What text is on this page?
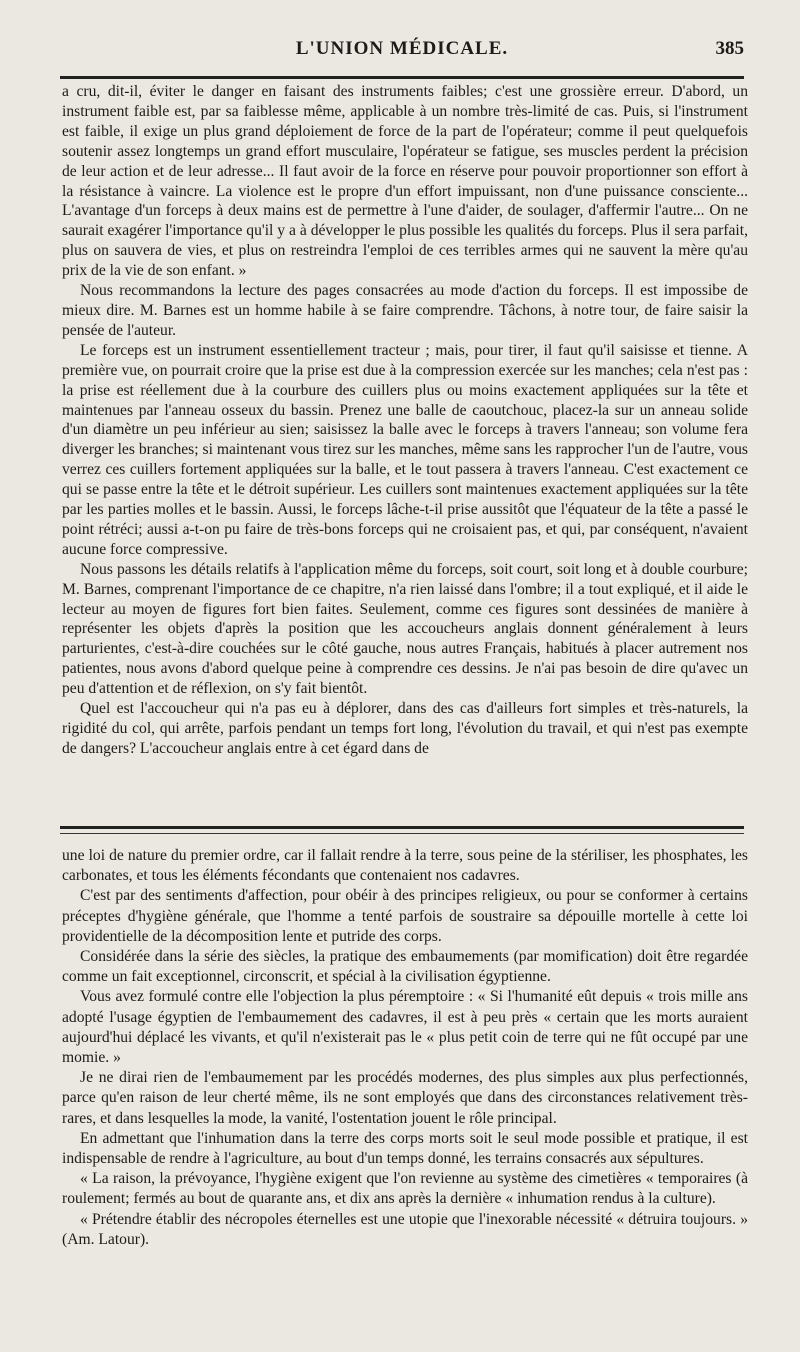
L'UNION MÉDICALE.	385

a cru, dit-il, éviter le danger en faisant des instruments faibles; c'est une grossière erreur. D'abord, un instrument faible est, par sa faiblesse même, applicable à un nombre très-limité de cas. Puis, si l'instrument est faible, il exige un plus grand déploiement de force de la part de l'opérateur; comme il peut quelquefois soutenir assez longtemps un grand effort musculaire, l'opérateur se fatigue, ses muscles perdent la précision de leur action et de leur adresse... Il faut avoir de la force en réserve pour pouvoir proportionner son effort à la résistance à vaincre. La violence est le propre d'un effort impuissant, non d'une puissance consciente... L'avantage d'un forceps à deux mains est de permettre à l'une d'aider, de soulager, d'affermir l'autre... On ne saurait exagérer l'importance qu'il y a à développer le plus possible les qualités du forceps. Plus il sera parfait, plus on sauvera de vies, et plus on restreindra l'emploi de ces terribles armes qui ne sauvent la mère qu'au prix de la vie de son enfant. »

Nous recommandons la lecture des pages consacrées au mode d'action du forceps. Il est impossibe de mieux dire. M. Barnes est un homme habile à se faire comprendre. Tâchons, à notre tour, de faire saisir la pensée de l'auteur.

Le forceps est un instrument essentiellement tracteur ; mais, pour tirer, il faut qu'il saisisse et tienne. A première vue, on pourrait croire que la prise est due à la compression exercée sur les manches; cela n'est pas : la prise est réellement due à la courbure des cuillers plus ou moins exactement appliquées sur la tête et maintenues par l'anneau osseux du bassin. Prenez une balle de caoutchouc, placez-la sur un anneau solide d'un diamètre un peu inférieur au sien; saisissez la balle avec le forceps à travers l'anneau; son volume fera diverger les branches; si maintenant vous tirez sur les manches, même sans les rapprocher l'un de l'autre, vous verrez ces cuillers fortement appliquées sur la balle, et le tout passera à travers l'anneau. C'est exactement ce qui se passe entre la tête et le détroit supérieur. Les cuillers sont maintenues exactement appliquées sur la tête par les parties molles et le bassin. Aussi, le forceps lâche-t-il prise aussitôt que l'équateur de la tête a passé le point rétréci; aussi a-t-on pu faire de très-bons forceps qui ne croisaient pas, et qui, par conséquent, n'avaient aucune force compressive.

Nous passons les détails relatifs à l'application même du forceps, soit court, soit long et à double courbure; M. Barnes, comprenant l'importance de ce chapitre, n'a rien laissé dans l'ombre; il a tout expliqué, et il aide le lecteur au moyen de figures fort bien faites. Seulement, comme ces figures sont dessinées de manière à représenter les objets d'après la position que les accoucheurs anglais donnent généralement à leurs parturientes, c'est-à-dire couchées sur le côté gauche, nous autres Français, habitués à placer autrement nos patientes, nous avons d'abord quelque peine à comprendre ces dessins. Je n'ai pas besoin de dire qu'avec un peu d'attention et de réflexion, on s'y fait bientôt.

Quel est l'accoucheur qui n'a pas eu à déplorer, dans des cas d'ailleurs fort simples et très-naturels, la rigidité du col, qui arrête, parfois pendant un temps fort long, l'évolution du travail, et qui n'est pas exempte de dangers? L'accoucheur anglais entre à cet égard dans de

une loi de nature du premier ordre, car il fallait rendre à la terre, sous peine de la stériliser, les phosphates, les carbonates, et tous les éléments fécondants que contenaient nos cadavres.

C'est par des sentiments d'affection, pour obéir à des principes religieux, ou pour se conformer à certains préceptes d'hygiène générale, que l'homme a tenté parfois de soustraire sa dépouille mortelle à cette loi providentielle de la décomposition lente et putride des corps.

Considérée dans la série des siècles, la pratique des embaumements (par momification) doit être regardée comme un fait exceptionnel, circonscrit, et spécial à la civilisation égyptienne.

Vous avez formulé contre elle l'objection la plus péremptoire : « Si l'humanité eût depuis « trois mille ans adopté l'usage égyptien de l'embaumement des cadavres, il est à peu près « certain que les morts auraient aujourd'hui déplacé les vivants, et qu'il n'existerait pas le « plus petit coin de terre qui ne fût occupé par une momie. »

Je ne dirai rien de l'embaumement par les procédés modernes, des plus simples aux plus perfectionnés, parce qu'en raison de leur cherté même, ils ne sont employés que dans des circonstances relativement très-rares, et dans lesquelles la mode, la vanité, l'ostentation jouent le rôle principal.

En admettant que l'inhumation dans la terre des corps morts soit le seul mode possible et pratique, il est indispensable de rendre à l'agriculture, au bout d'un temps donné, les terrains consacrés aux sépultures.

« La raison, la prévoyance, l'hygiène exigent que l'on revienne au système des cimetières « temporaires (à roulement; fermés au bout de quarante ans, et dix ans après la dernière « inhumation rendus à la culture).

« Prétendre établir des nécropoles éternelles est une utopie que l'inexorable nécessité « détruira toujours. » (Am. Latour).
